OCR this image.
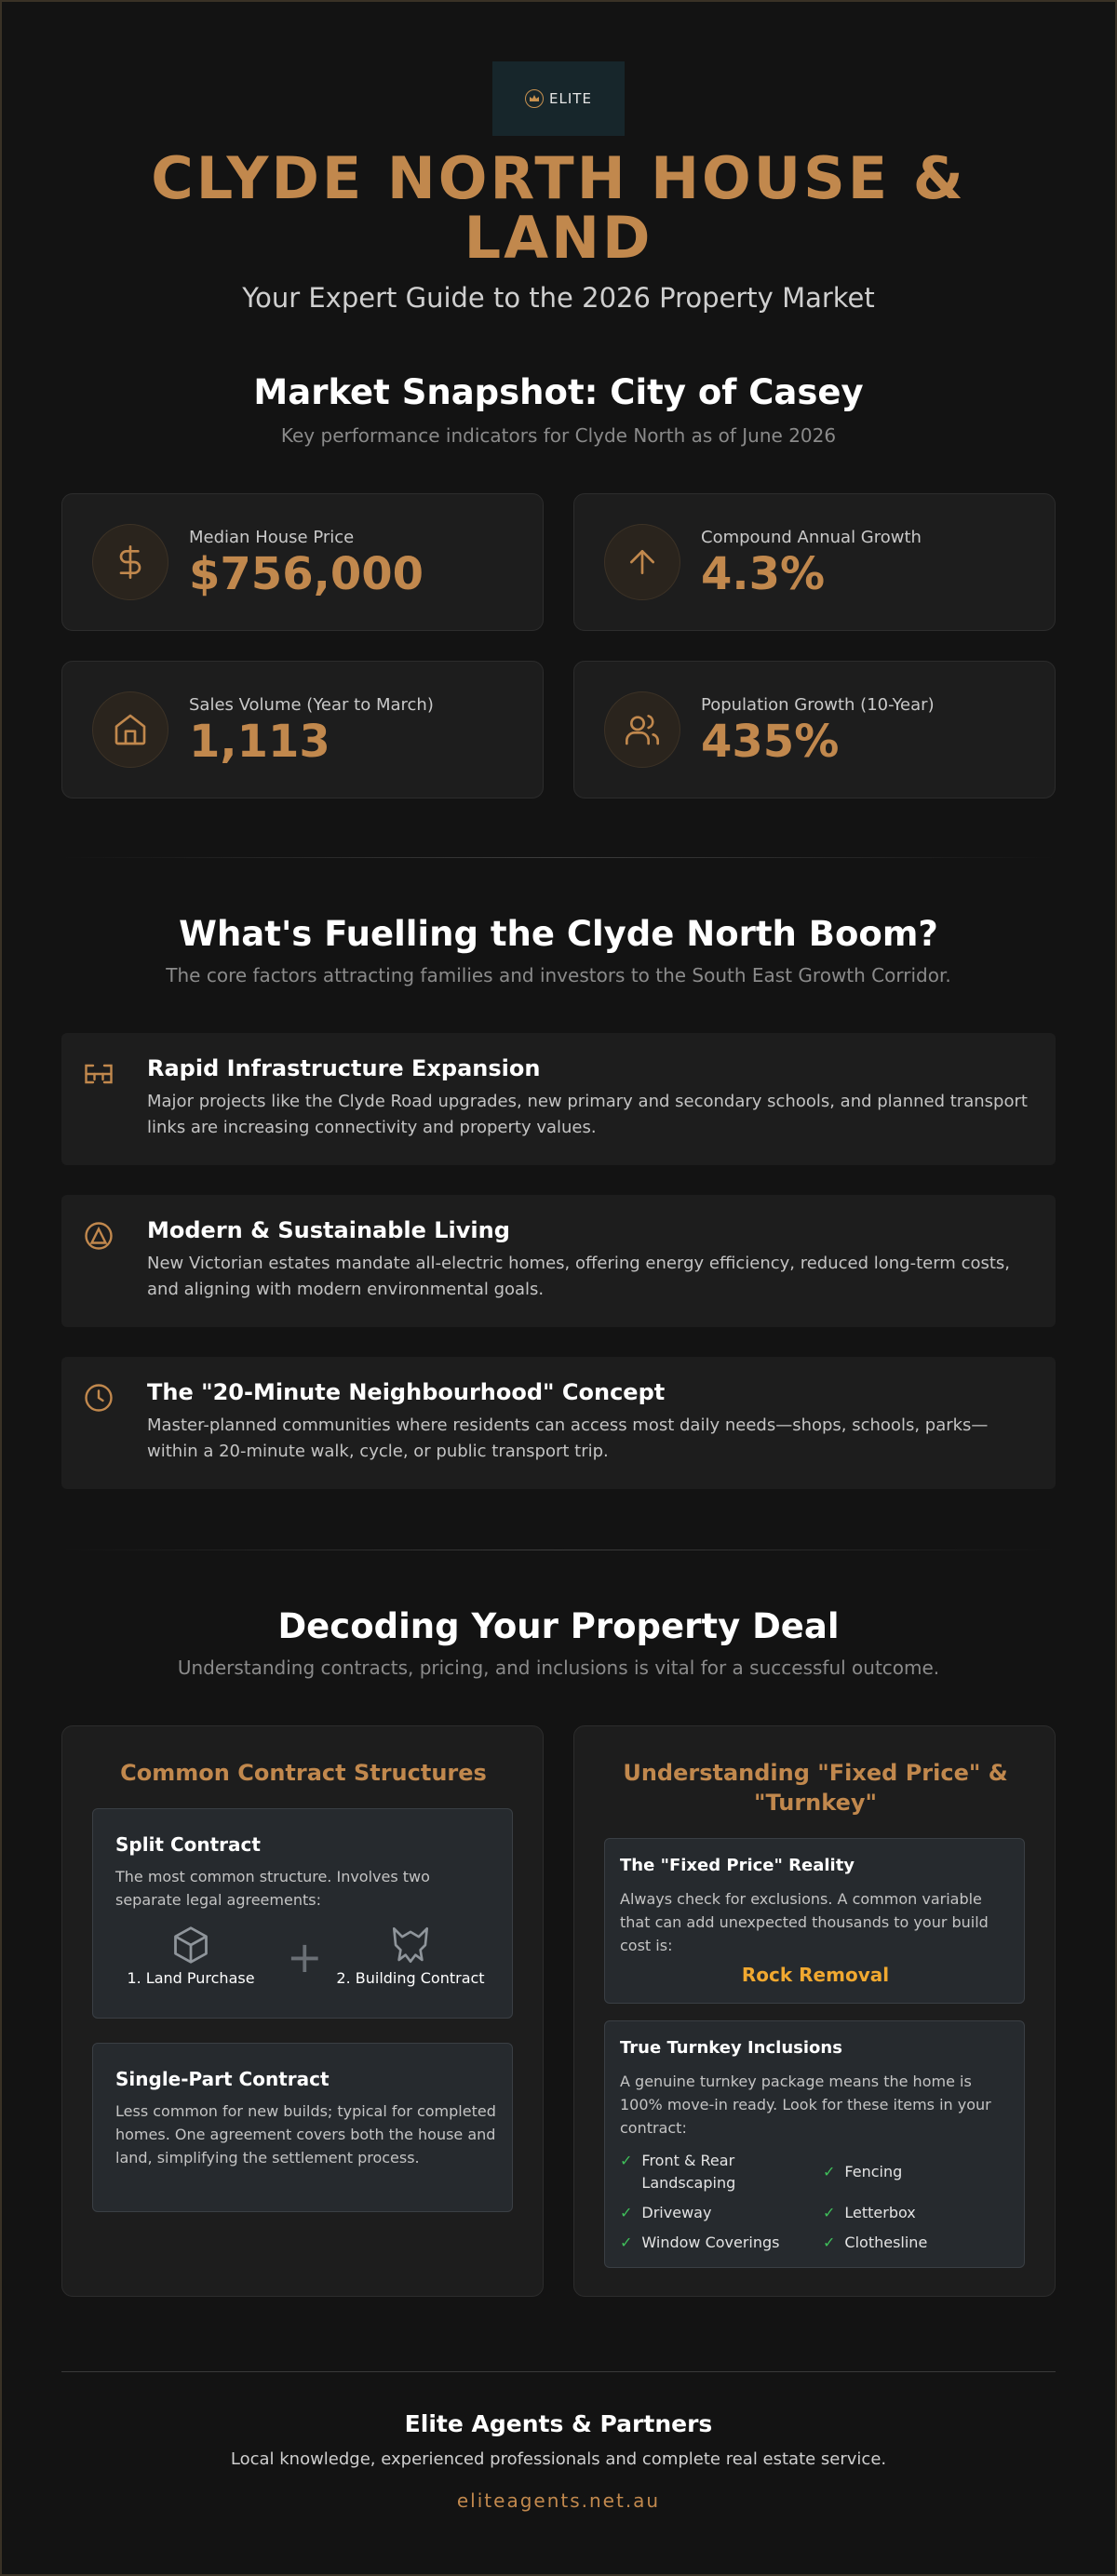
ELITE
CLYDE NORTH HOUSE & LAND
Your Expert Guide to the 2026 Property Market
Market Snapshot: City of Casey
Key performance indicators for Clyde North as of June 2026
Median House Price
$756,000
Compound Annual Growth
4.3%
Sales Volume (Year to March)
1,113
Population Growth (10-Year)
435%
What's Fuelling the Clyde North Boom?
The core factors attracting families and investors to the South East Growth Corridor.
Rapid Infrastructure Expansion
Major projects like the Clyde Road upgrades, new primary and secondary schools, and planned transport links are increasing connectivity and property values.
Modern & Sustainable Living
New Victorian estates mandate all-electric homes, offering energy efficiency, reduced long-term costs, and aligning with modern environmental goals.
The "20-Minute Neighbourhood" Concept
Master-planned communities where residents can access most daily needs—shops, schools, parks—within a 20-minute walk, cycle, or public transport trip.
Decoding Your Property Deal
Understanding contracts, pricing, and inclusions is vital for a successful outcome.
Common Contract Structures
Split Contract
The most common structure. Involves two separate legal agreements:
1. Land Purchase + 2. Building Contract
Single-Part Contract
Less common for new builds; typical for completed homes. One agreement covers both the house and land, simplifying the settlement process.
Understanding "Fixed Price" & "Turnkey"
The "Fixed Price" Reality
Always check for exclusions. A common variable that can add unexpected thousands to your build cost is:
Rock Removal
True Turnkey Inclusions
A genuine turnkey package means the home is 100% move-in ready. Look for these items in your contract:
✓ Front & Rear Landscaping
✓ Fencing
✓ Driveway	✓ Letterbox
✓ Window Coverings	✓ Clothesline
Elite Agents & Partners
Local knowledge, experienced professionals and complete real estate service.
eliteagents.net.au
